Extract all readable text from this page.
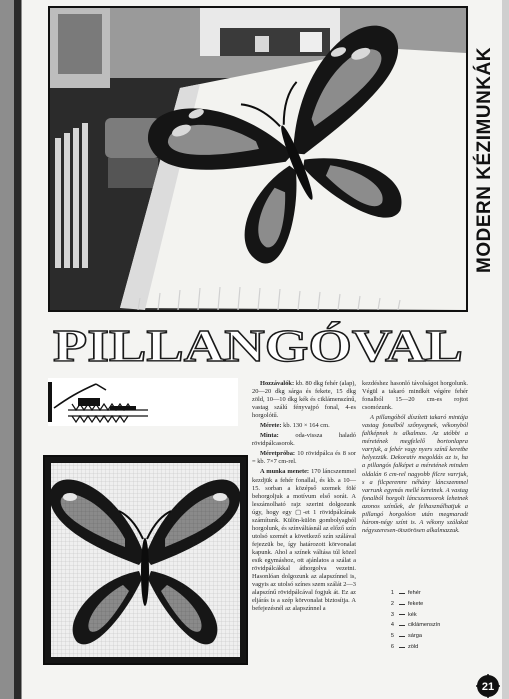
MODERN KÉZIMUNKÁK
PILLANGÓVAL

Hozzávalók: kb. 80 dkg fehér (alap), 20—20 dkg sárga és fekete, 15 dkg zöld, 10—10 dkg kék és ciklámenszínű, vastag szálú fényvajpó fonal, 4-es horgolótű.

Mérete: kb. 130 × 164 cm.

Minta: oda-vissza haladó rövidpálcasorok.

Méretpróba: 10 rövidpálca és 8 sor = kb. 7×7 cm-rel.

A munka menete: 170 láncszemmel kezdjük a fehér fonallal, és kb. a 10—15. sorban a középső szemek fölé behorgoljuk a motívum első sorát. A leszámolható rajz szerint dolgozunk úgy, hogy egy ▢-et 1 rövidpálcának számítunk. Külön-külön gombolyagból horgolunk, és színváltásnál az előző szín utolsó szemét a következő szín szálával fejezzük be, így határozott körvonalat kapunk. Ahol a színek váltása túl közel esik egymáshoz, ott ajánlatos a szálat a rövidpálcákkal áthorgolva vezetni. Hasonlóan dolgozunk az alapszínnel is, vagyis az utolsó színes szem szálát 2—3 alapszínű rövidpálcával fogjuk át. Ez az eljárás is a szép körvonalat biztosítja. A befejezésnél az alapszínnel a

kezdéshez hasonló távolságot horgolunk. Végül a takaró mindkét végére fehér fonalból 15—20 cm-es rojtot csomózunk.

A pillangóból díszített takaró mintája vastag fonalból szőnyegnek, vékonyból faliképnek is alkalmas. Az utóbbi a méretének megfelelő bortonlapra varrjuk, a fehér vagy nyers színű keretbe helyezzük. Dekoratív megoldás az is, ha a pillangós falképet a méretének minden oldalán 6 cm-rel nagyobb filcre varrjuk, s a filcperemre néhány láncszemmel varrunk egymás mellé keretnek. A vastag fonalból horgolt láncszemsorok lehetnek azonos színűek, de felhasználhatjuk a pillangó horgolóon után megmaradt három-négy színt is. A vékony szálakat négyszeresen-ötszörösen alkalmazzuk.

1	fehér
2	fekete
3	kék
4	ciklámenszín
5	sárga
6	zöld
21
